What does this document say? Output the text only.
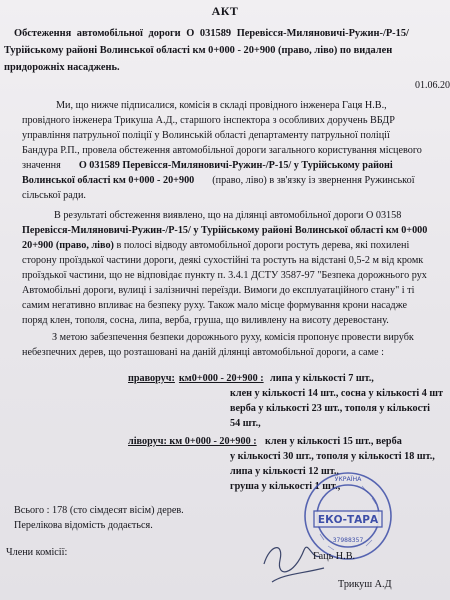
АКТ
Обстеження автомобільної дороги О 031589 Перевісся-Миляновичі-Ружин-/Р-15/
Турійському районі Волинської області км 0+000 - 20+900 (право, ліво) по видален
придорожніх насаджень.
01.06.20
Ми, що нижче підписалися, комісія в складі провідного інженера Гаця Н.В.,
провідного інженера Трикуша А.Д., старшого інспектора з особливих доручень ВБДР
управління патрульної поліції у Волинській області департаменту патрульної поліції
Бандура Р.П., провела обстеження автомобільної дороги загального користування місцевого
значення О 031589 Перевісся-Миляновичі-Ружин-/Р-15/ у Турійському районі
Волинської області км 0+000 - 20+900 (право, ліво) в зв'язку із звернення Ружинської
сільської ради.
В результаті обстеження виявлено, що на ділянці автомобільної дороги О 03158
Перевісся-Миляновичі-Ружин-/Р-15/ у Турійському районі Волинської області км 0+000
20+900 (право, ліво) в полосі відводу автомобільної дороги ростуть дерева, які похилені
сторону проїздької частини дороги, деякі сухостійні та ростуть на відстані 0,5-2 м від кромк
проїздької частини, що не відповідає пункту п. 3.4.1 ДСТУ 3587-97 "Безпека дорожнього рух
Автомобільні дороги, вулиці і залізничні переїзди. Вимоги до експлуатаційного стану" і ті
самим негативно впливає на безпеку руху. Також мало місце формування крони насадже
поряд клен, тополя, сосна, липа, верба, груша, що виливлену на висоту деревостану.
З метою забезпечення безпеки дорожнього руху, комісія пропонує провести вирубк
небезпечних дерев, що розташовані на даній ділянці автомобільної дороги, а саме :
праворуч: км0+000 - 20+900 : липа у кількості 7 шт.,
клен у кількості 14 шт., сосна у кількості 4 шт
верба у кількості 23 шт., тополя у кількості
54 шт.,
ліворуч: км 0+000 - 20+900 : клен у кількості 15 шт., верба
у кількості 30 шт., тополя у кількості 18 шт.,
липа у кількості 12 шт.,
груша у кількості 1 шт.,
Всього : 178 (сто сімдесят вісім) дерев.
Перелікова відомість додається.
Члени комісії:
ЕКО-ТАРА
УКРАЇНА
37988357
Гаць Н.В.
Трикуш А.Д
